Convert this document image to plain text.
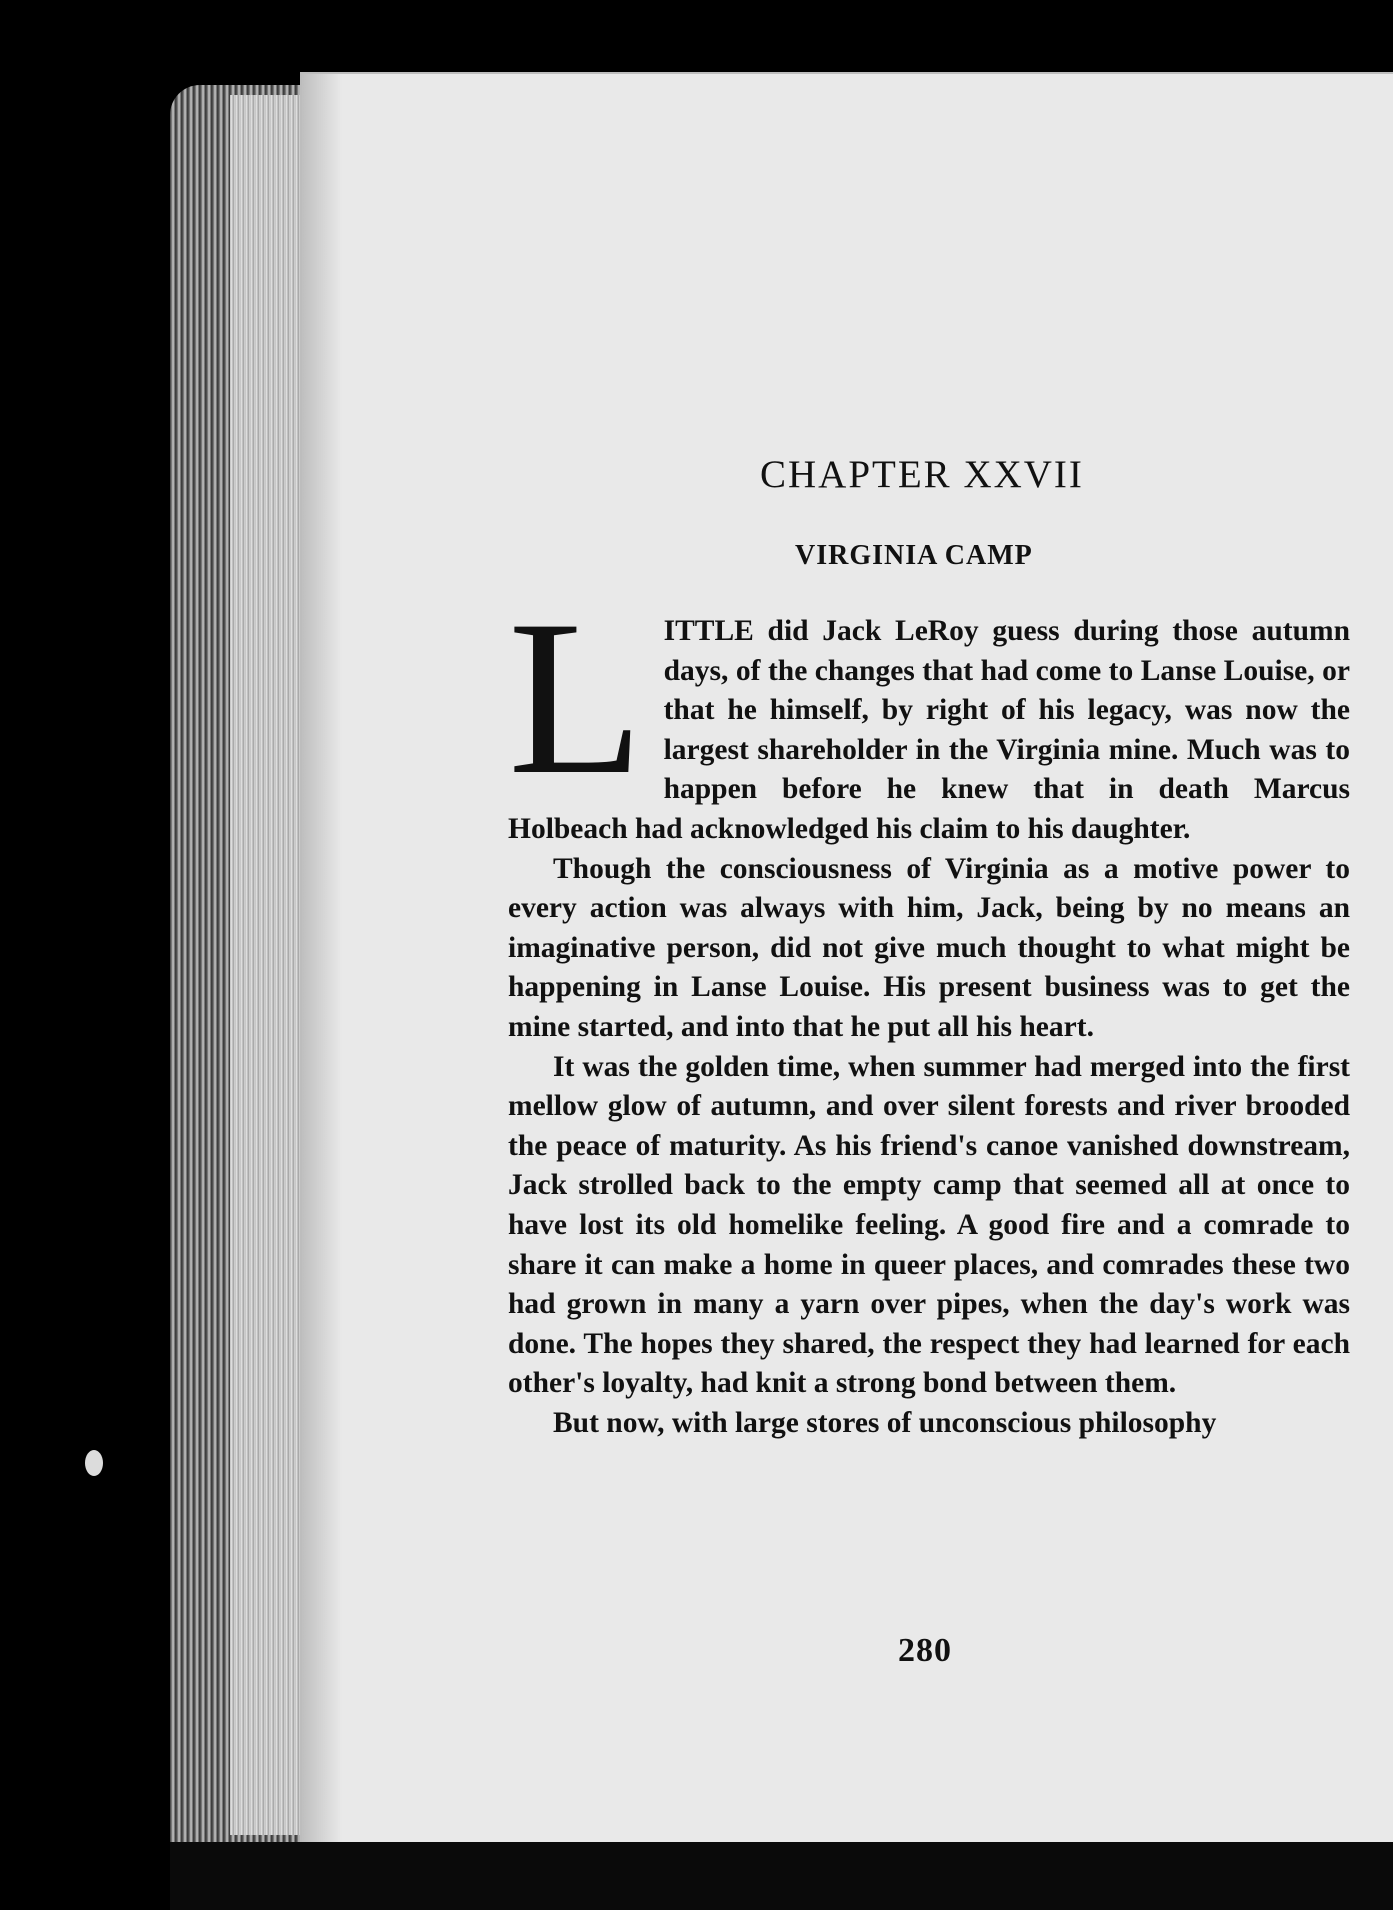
CHAPTER XXVII
VIRGINIA CAMP

LITTLE did Jack LeRoy guess during those autumn days, of the changes that had come to Lanse Louise, or that he himself, by right of his legacy, was now the largest shareholder in the Virginia mine. Much was to happen before he knew that in death Marcus Holbeach had acknowledged his claim to his daughter.

Though the consciousness of Virginia as a motive power to every action was always with him, Jack, being by no means an imaginative person, did not give much thought to what might be happening in Lanse Louise. His present business was to get the mine started, and into that he put all his heart.

It was the golden time, when summer had merged into the first mellow glow of autumn, and over silent forests and river brooded the peace of maturity. As his friend's canoe vanished downstream, Jack strolled back to the empty camp that seemed all at once to have lost its old homelike feeling. A good fire and a comrade to share it can make a home in queer places, and comrades these two had grown in many a yarn over pipes, when the day's work was done. The hopes they shared, the respect they had learned for each other's loyalty, had knit a strong bond between them.

But now, with large stores of unconscious philosophy

280
